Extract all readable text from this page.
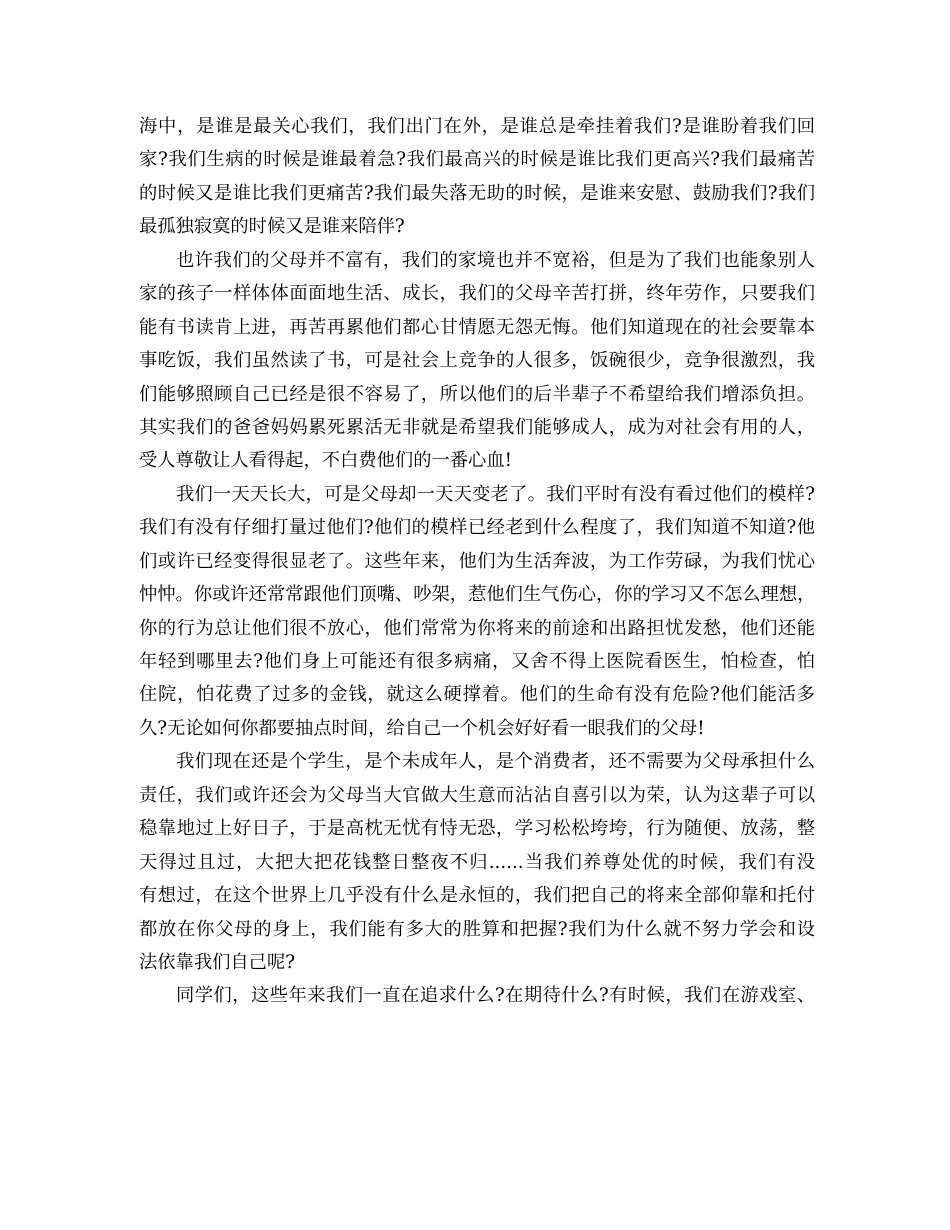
海中，是谁是最关心我们，我们出门在外，是谁总是牵挂着我们?是谁盼着我们回
家?我们生病的时候是谁最着急?我们最高兴的时候是谁比我们更高兴?我们最痛苦
的时候又是谁比我们更痛苦?我们最失落无助的时候，是谁来安慰、鼓励我们?我们
最孤独寂寞的时候又是谁来陪伴?
也许我们的父母并不富有，我们的家境也并不宽裕，但是为了我们也能象别人
家的孩子一样体体面面地生活、成长，我们的父母辛苦打拼，终年劳作，只要我们
能有书读肯上进，再苦再累他们都心甘情愿无怨无悔。他们知道现在的社会要靠本
事吃饭，我们虽然读了书，可是社会上竞争的人很多，饭碗很少，竞争很激烈，我
们能够照顾自己已经是很不容易了，所以他们的后半辈子不希望给我们增添负担。
其实我们的爸爸妈妈累死累活无非就是希望我们能够成人，成为对社会有用的人，
受人尊敬让人看得起，不白费他们的一番心血!
我们一天天长大，可是父母却一天天变老了。我们平时有没有看过他们的模样?
我们有没有仔细打量过他们?他们的模样已经老到什么程度了，我们知道不知道?他
们或许已经变得很显老了。这些年来，他们为生活奔波，为工作劳碌，为我们忧心
忡忡。你或许还常常跟他们顶嘴、吵架，惹他们生气伤心，你的学习又不怎么理想，
你的行为总让他们很不放心，他们常常为你将来的前途和出路担忧发愁，他们还能
年轻到哪里去?他们身上可能还有很多病痛，又舍不得上医院看医生，怕检查，怕
住院，怕花费了过多的金钱，就这么硬撑着。他们的生命有没有危险?他们能活多
久?无论如何你都要抽点时间，给自己一个机会好好看一眼我们的父母!
我们现在还是个学生，是个未成年人，是个消费者，还不需要为父母承担什么
责任，我们或许还会为父母当大官做大生意而沾沾自喜引以为荣，认为这辈子可以
稳靠地过上好日子，于是高枕无忧有恃无恐，学习松松垮垮，行为随便、放荡，整
天得过且过，大把大把花钱整日整夜不归......当我们养尊处优的时候，我们有没
有想过，在这个世界上几乎没有什么是永恒的，我们把自己的将来全部仰靠和托付
都放在你父母的身上，我们能有多大的胜算和把握?我们为什么就不努力学会和设
法依靠我们自己呢?
同学们，这些年来我们一直在追求什么?在期待什么?有时候，我们在游戏室、
